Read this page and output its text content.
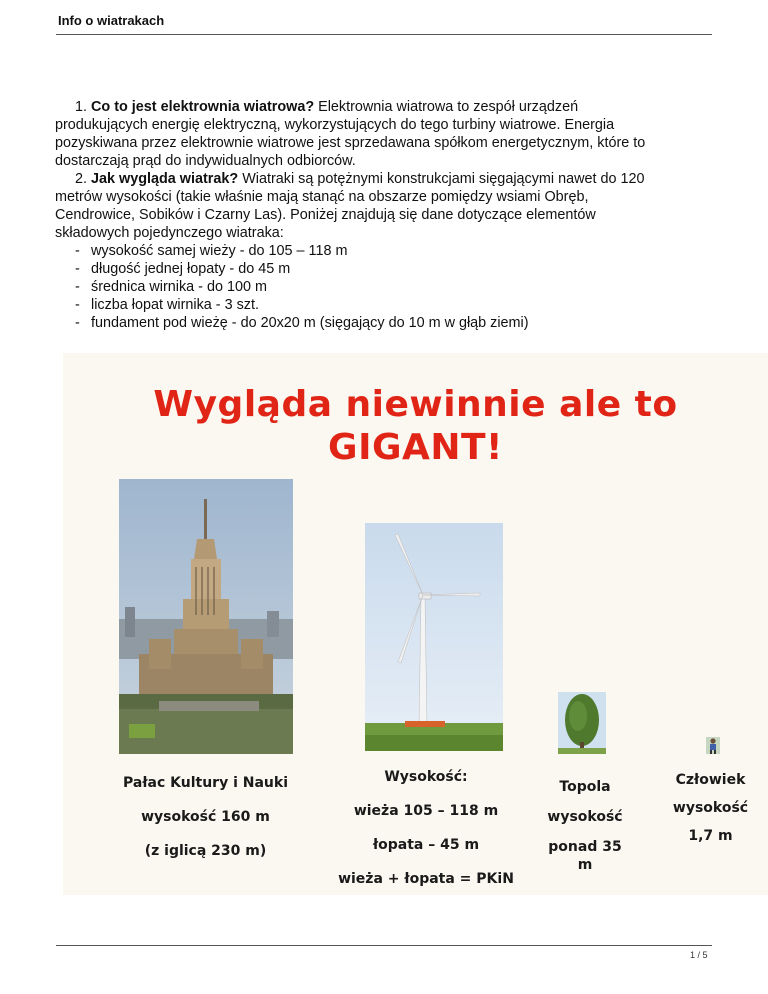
Info o wiatrakach

1. Co to jest elektrownia wiatrowa? Elektrownia wiatrowa to zespół urządzeń

produkujących energię elektryczną, wykorzystujących do tego turbiny wiatrowe. Energia

pozyskiwana przez elektrownie wiatrowe jest sprzedawana spółkom energetycznym, które to

dostarczają prąd do indywidualnych odbiorców.

2. Jak wygląda wiatrak? Wiatraki są potężnymi konstrukcjami sięgającymi nawet do 120

metrów wysokości (takie właśnie mają stanąć na obszarze pomiędzy wsiami Obręb,

Cendrowice, Sobików i Czarny Las). Poniżej znajdują się dane dotyczące elementów

składowych pojedynczego wiatraka:

- wysokość samej wieży - do 105 – 118 m
- długość jednej łopaty - do 45 m
- średnica wirnika - do 100 m
- liczba łopat wirnika - 3 szt.
- fundament pod wieżę - do 20x20 m (sięgający do 10 m w głąb ziemi)
Wygląda niewinnie ale to
GIGANT!
Pałac Kultury i Nauki
wysokość 160 m
(z iglicą 230 m)
Wysokość:
wieża 105 – 118 m
łopata – 45 m
wieża + łopata = PKiN
Topola
wysokość
ponad 35
m
Człowiek
wysokość
1,7 m
1 / 5
